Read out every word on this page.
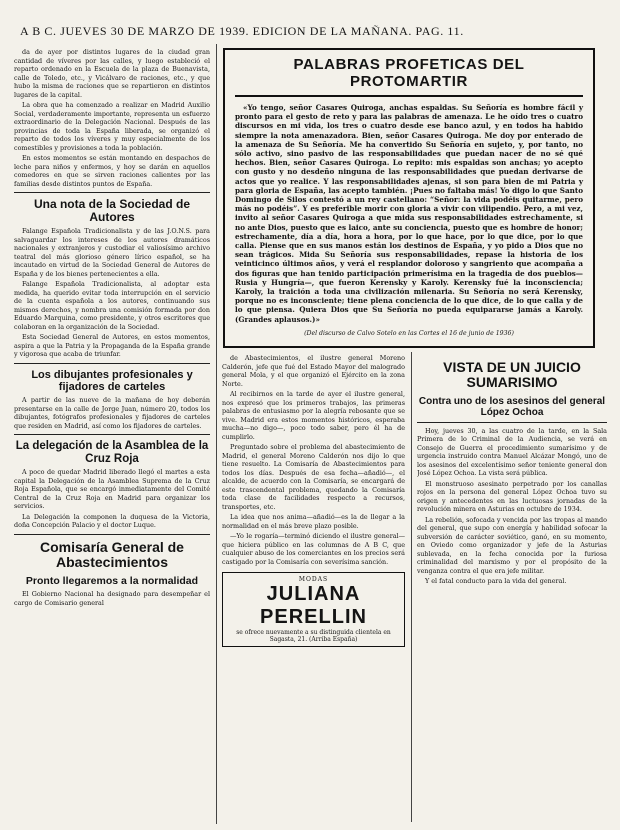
A B C. JUEVES 30 DE MARZO DE 1939. EDICION DE LA MAÑANA. PAG. 11.

da de ayer por distintos lugares de la ciudad gran cantidad de víveres por las calles, y luego estableció el reparto ordenado en la Escuela de la plaza de Buenavista, calle de Toledo, etc., y Vicálvaro de raciones, etc., y que hubo la misma de raciones que se repartieron en distintos lugares de la capital.

La obra que ha comenzado a realizar en Madrid Auxilio Social, verdaderamente importante, representa un esfuerzo extraordinario de la Delegación Nacional. Después de las provincias de toda la España liberada, se organizó el reparto de todos los víveres y muy especialmente de los comestibles y provisiones a toda la población.

En estos momentos se están montando en despachos de leche para niños y enfermos, y hoy se darán en aquellos comedores en que se sirven raciones calientes por las familias desde distintos puntos de España.

Una nota de la Sociedad de Autores

Falange Española Tradicionalista y de las J.O.N.S. para salvaguardar los intereses de los autores dramáticos nacionales y extranjeros y custodiar el valiosísimo archivo teatral del más glorioso género lírico español, se ha incautado en virtud de la Sociedad General de Autores de España y de los bienes pertenecientes a ella.

Falange Española Tradicionalista, al adoptar esta medida, ha querido evitar toda interrupción en el servicio de la cuenta española a los autores, continuando sus mismos derechos, y nombra una comisión formada por don Eduardo Marquina, como presidente, y otros escritores que colaboran en la organización de la Sociedad.

Esta Sociedad General de Autores, en estos momentos, aspira a que la Patria y la Propaganda de la España grande y vigorosa que acaba de triunfar.

Los dibujantes profesionales y fijadores de carteles

A partir de las nueve de la mañana de hoy deberán presentarse en la calle de Jorge Juan, número 20, todos los dibujantes, fotógrafos profesionales y fijadores de carteles que residen en Madrid, así como los fijadores de carteles.

La delegación de la Asamblea de la Cruz Roja

A poco de quedar Madrid liberado llegó el martes a esta capital la Delegación de la Asamblea Suprema de la Cruz Roja Española, que se encargó inmediatamente del Comité Central de la Cruz Roja en Madrid para organizar los servicios.

La Delegación la componen la duquesa de la Victoria, doña Concepción Palacio y el doctor Luque.

Comisaría General de Abastecimientos
Pronto llegaremos a la normalidad

El Gobierno Nacional ha designado para desempeñar el cargo de Comisario general

PALABRAS PROFETICAS DEL PROTOMARTIR

«Yo tengo, señor Casares Quiroga, anchas espaldas. Su Señoría es hombre fácil y pronto para el gesto de reto y para las palabras de amenaza. Le he oído tres o cuatro discursos en mi vida, los tres o cuatro desde ese banco azul, y en todos ha habido siempre la nota amenazadora. Bien, señor Casares Quiroga. Me doy por enterado de la amenaza de Su Señoría. Me ha convertido Su Señoría en sujeto, y, por tanto, no sólo activo, sino pasivo de las responsabilidades que puedan nacer de no sé qué hechos. Bien, señor Casares Quiroga. Lo repito: mis espaldas son anchas; yo acepto con gusto y no desdeño ninguna de las responsabilidades que puedan derivarse de actos que yo realice. Y las responsabilidades ajenas, si son para bien de mi Patria y para gloria de España, las acepto también. ¡Pues no faltaba más! Yo digo lo que Santo Domingo de Silos contestó a un rey castellano: “Señor: la vida podéis quitarme, pero más no podéis”. Y es preferible morir con gloria a vivir con vilipendio. Pero, a mi vez, invito al señor Casares Quiroga a que mida sus responsabilidades estrechamente, si no ante Dios, puesto que es laico, ante su conciencia, puesto que es hombre de honor; estrechamente, día a día, hora a hora, por lo que hace, por lo que dice, por lo que calla. Piense que en sus manos están los destinos de España, y yo pido a Dios que no sean trágicos. Mida Su Señoría sus responsabilidades, repase la historia de los veinticinco últimos años, y verá el resplandor doloroso y sangriento que acompaña a dos figuras que han tenido participación primerísima en la tragedia de dos pueblos—Rusia y Hungría—, que fueron Kerensky y Karoly. Kerensky fué la inconsciencia; Karoly, la traición a toda una civilización milenaria. Su Señoría no será Kerensky, porque no es inconsciente; tiene plena conciencia de lo que dice, de lo que calla y de lo que piensa. Quiera Dios que Su Señoría no pueda equipararse jamás a Karoly. (Grandes aplausos.)»

(Del discurso de Calvo Sotelo en las Cortes el 16 de junio de 1936)

de Abastecimientos, el ilustre general Moreno Calderón, jefe que fué del Estado Mayor del malogrado general Mola, y el que organizó el Ejército en la zona Norte.

Al recibirnos en la tarde de ayer el ilustre general, nos expresó que los primeros trabajos, las primeras palabras de entusiasmo por la alegría rebosante que se vive. Madrid era estos momentos históricos, esperaba mucha—no digo—, poco todo saber, pero él ha de cumplirlo.

Preguntado sobre el problema del abastecimiento de Madrid, el general Moreno Calderón nos dijo lo que tiene resuelto. La Comisaría de Abastecimientos para todos los días. Después de esa fecha—añadió—, el alcalde, de acuerdo con la Comisaría, se encargará de este trascendental problema, quedando la Comisaría toda clase de facilidades respecto a recursos, transportes, etc.

La idea que nos anima—añadió—es la de llegar a la normalidad en el más breve plazo posible.

—Yo le rogaría—terminó diciendo el ilustre general—que hiciera público en las columnas de A B C, que cualquier abuso de los comerciantes en los precios será castigado por la Comisaría con severísima sanción.

MODAS
JULIANA PERELLIN
se ofrece nuevamente a su distinguida clientela en Sagasta, 21. (Arriba España)
VISTA DE UN JUICIO SUMARISIMO
Contra uno de los asesinos del general López Ochoa

Hoy, jueves 30, a las cuatro de la tarde, en la Sala Primera de lo Criminal de la Audiencia, se verá en Consejo de Guerra el procedimiento sumarísimo y de urgencia instruido contra Manuel Alcázar Mongó, uno de los asesinos del excelentísimo señor teniente general don José López Ochoa. La vista será pública.

El monstruoso asesinato perpetrado por los canallas rojos en la persona del general López Ochoa tuvo su origen y antecedentes en las luctuosas jornadas de la revolución minera en Asturias en octubre de 1934.

La rebelión, sofocada y vencida por las tropas al mando del general, que supo con energía y habilidad sofocar la subversión de carácter soviético, ganó, en su momento, en Oviedo como organizador y jefe de la Asturias sublevada, en la fecha conocida por la furiosa criminalidad del marxismo y por el propósito de la venganza contra el que era jefe militar.

Y el fatal conducto para la vida del general.
